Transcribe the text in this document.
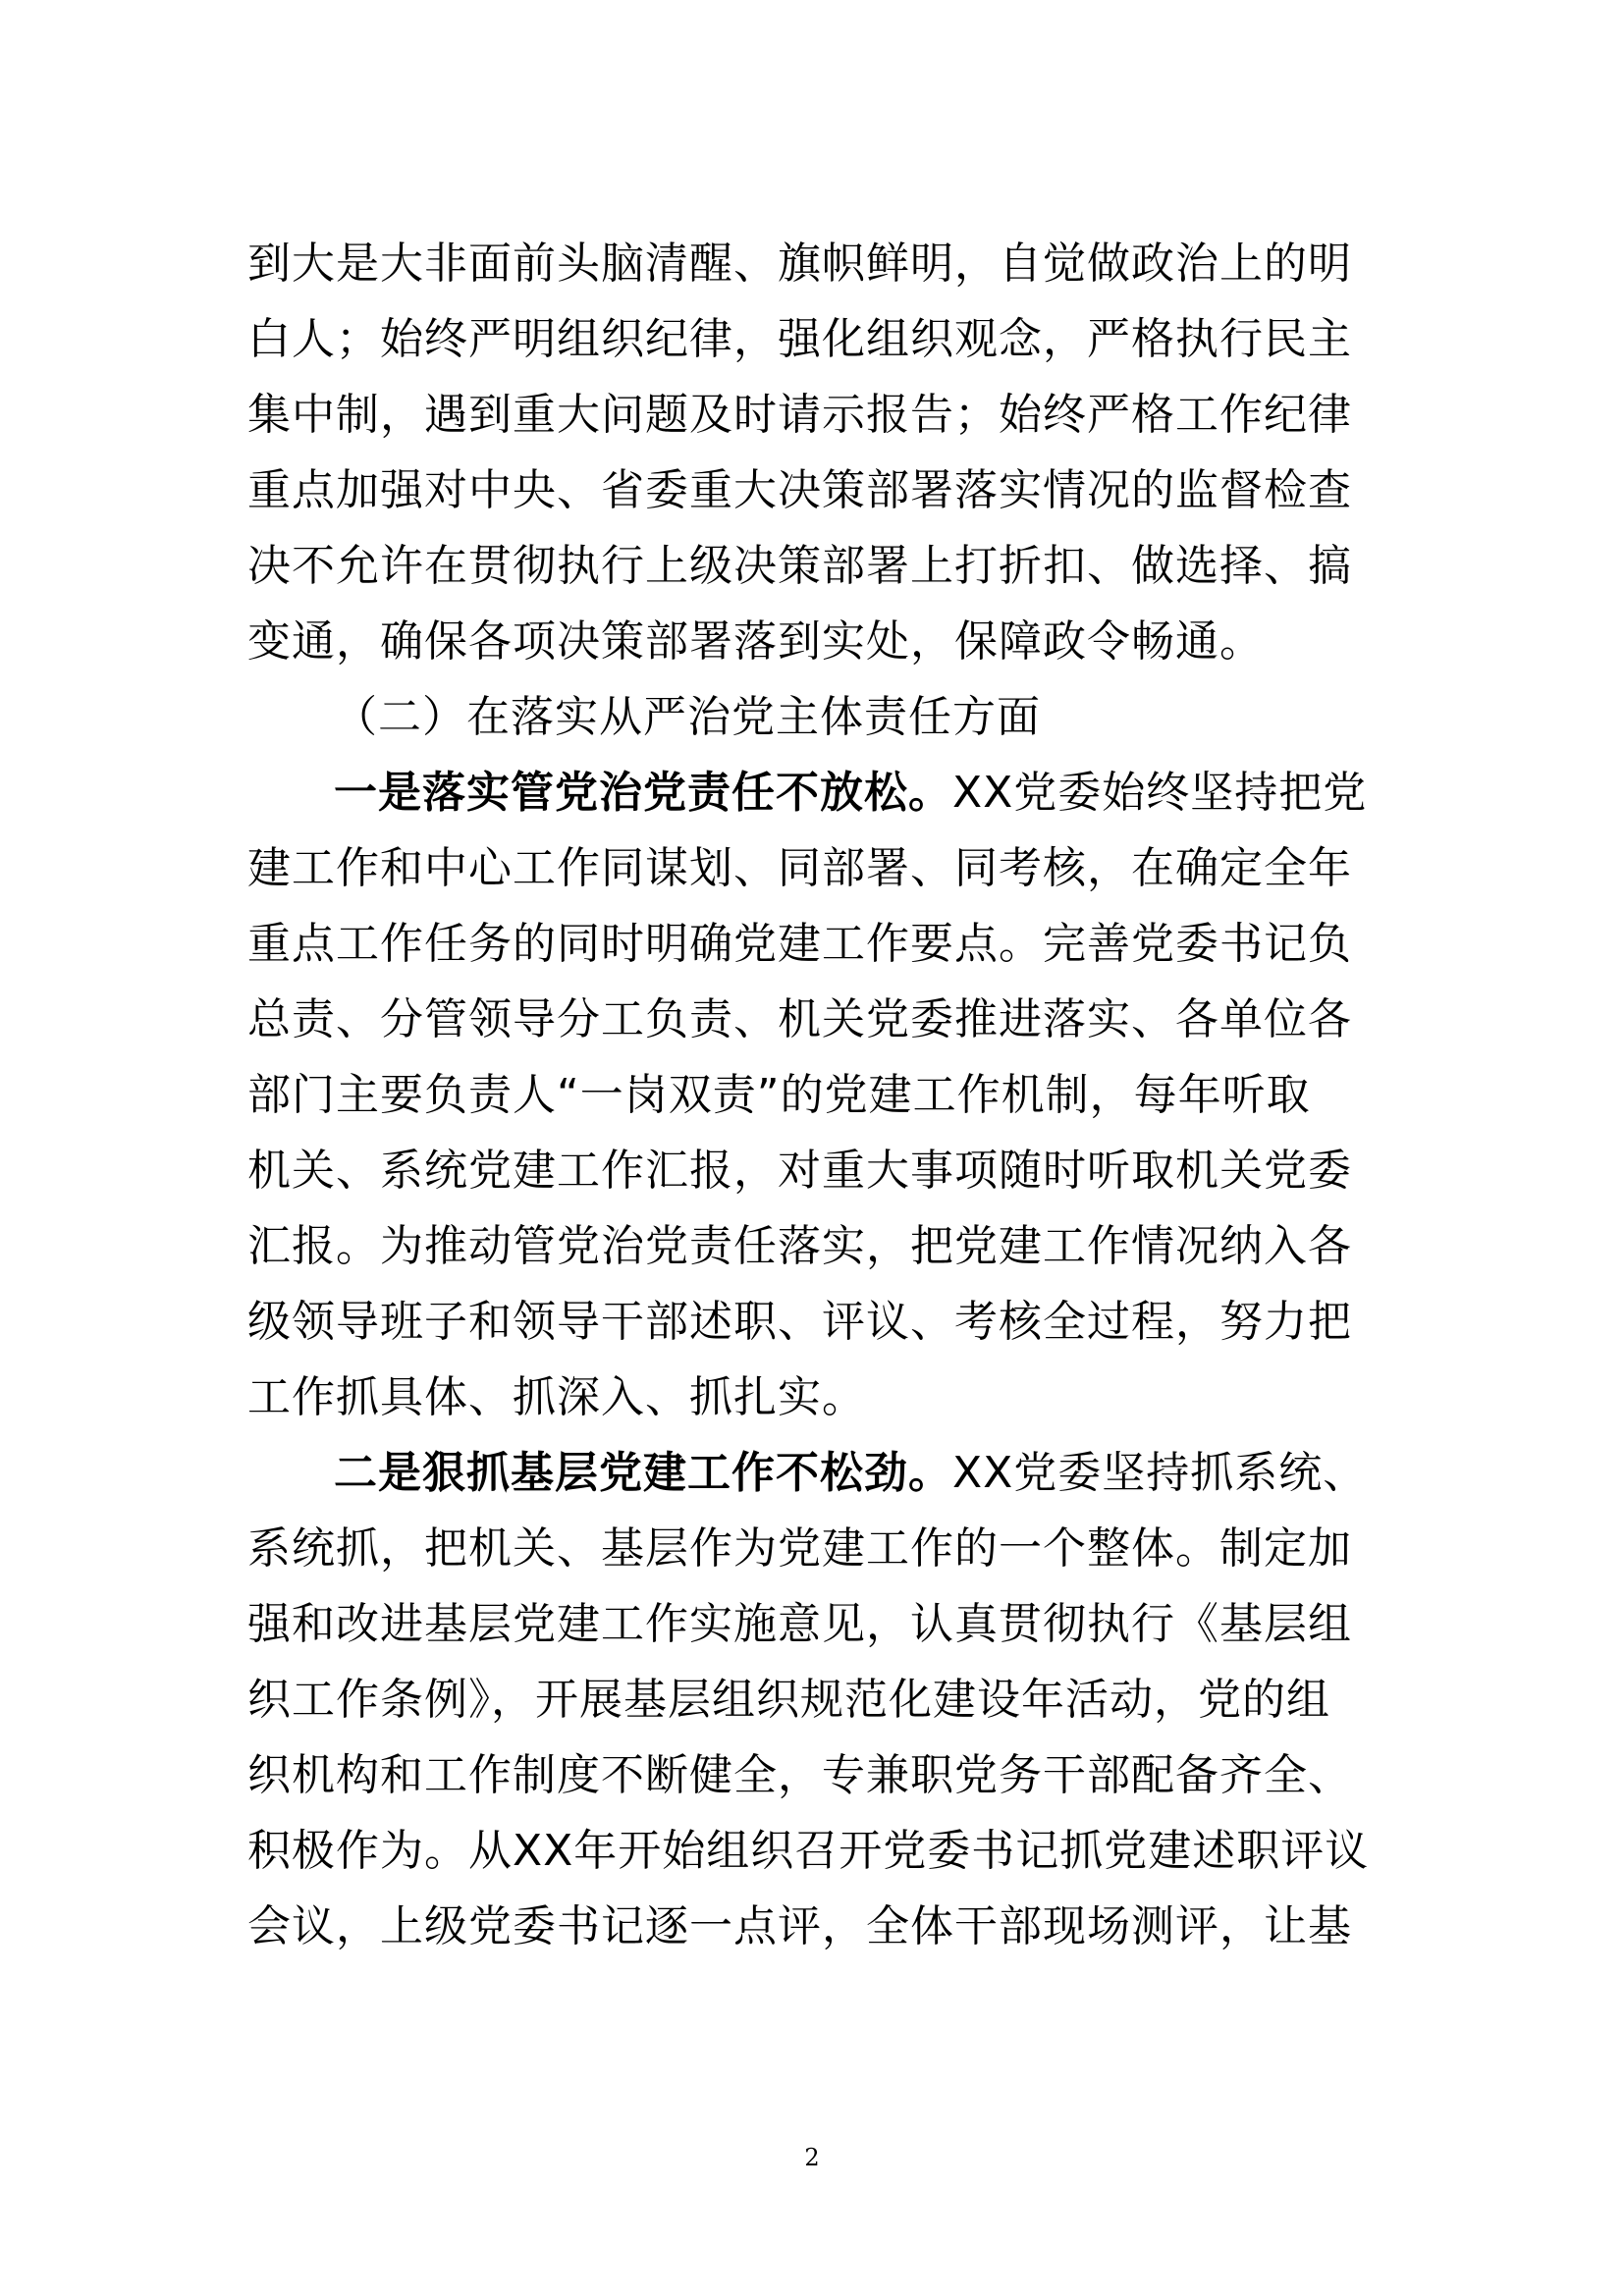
到大是大非面前头脑清醒、旗帜鲜明，自觉做政治上的明
白人；始终严明组织纪律，强化组织观念，严格执行民主
集中制，遇到重大问题及时请示报告；始终严格工作纪律
重点加强对中央、省委重大决策部署落实情况的监督检查
决不允许在贯彻执行上级决策部署上打折扣、做选择、搞
变通，确保各项决策部署落到实处，保障政令畅通。
（二）在落实从严治党主体责任方面
一是落实管党治党责任不放松。XX党委始终坚持把党
建工作和中心工作同谋划、同部署、同考核，在确定全年
重点工作任务的同时明确党建工作要点。完善党委书记负
总责、分管领导分工负责、机关党委推进落实、各单位各
部门主要负责人“一岗双责”的党建工作机制，每年听取
机关、系统党建工作汇报，对重大事项随时听取机关党委
汇报。为推动管党治党责任落实，把党建工作情况纳入各
级领导班子和领导干部述职、评议、考核全过程，努力把
工作抓具体、抓深入、抓扎实。
二是狠抓基层党建工作不松劲。XX党委坚持抓系统、
系统抓，把机关、基层作为党建工作的一个整体。制定加
强和改进基层党建工作实施意见，认真贯彻执行《基层组
织工作条例》，开展基层组织规范化建设年活动，党的组
织机构和工作制度不断健全，专兼职党务干部配备齐全、
积极作为。从XX年开始组织召开党委书记抓党建述职评议
会议，上级党委书记逐一点评，全体干部现场测评，让基
2
